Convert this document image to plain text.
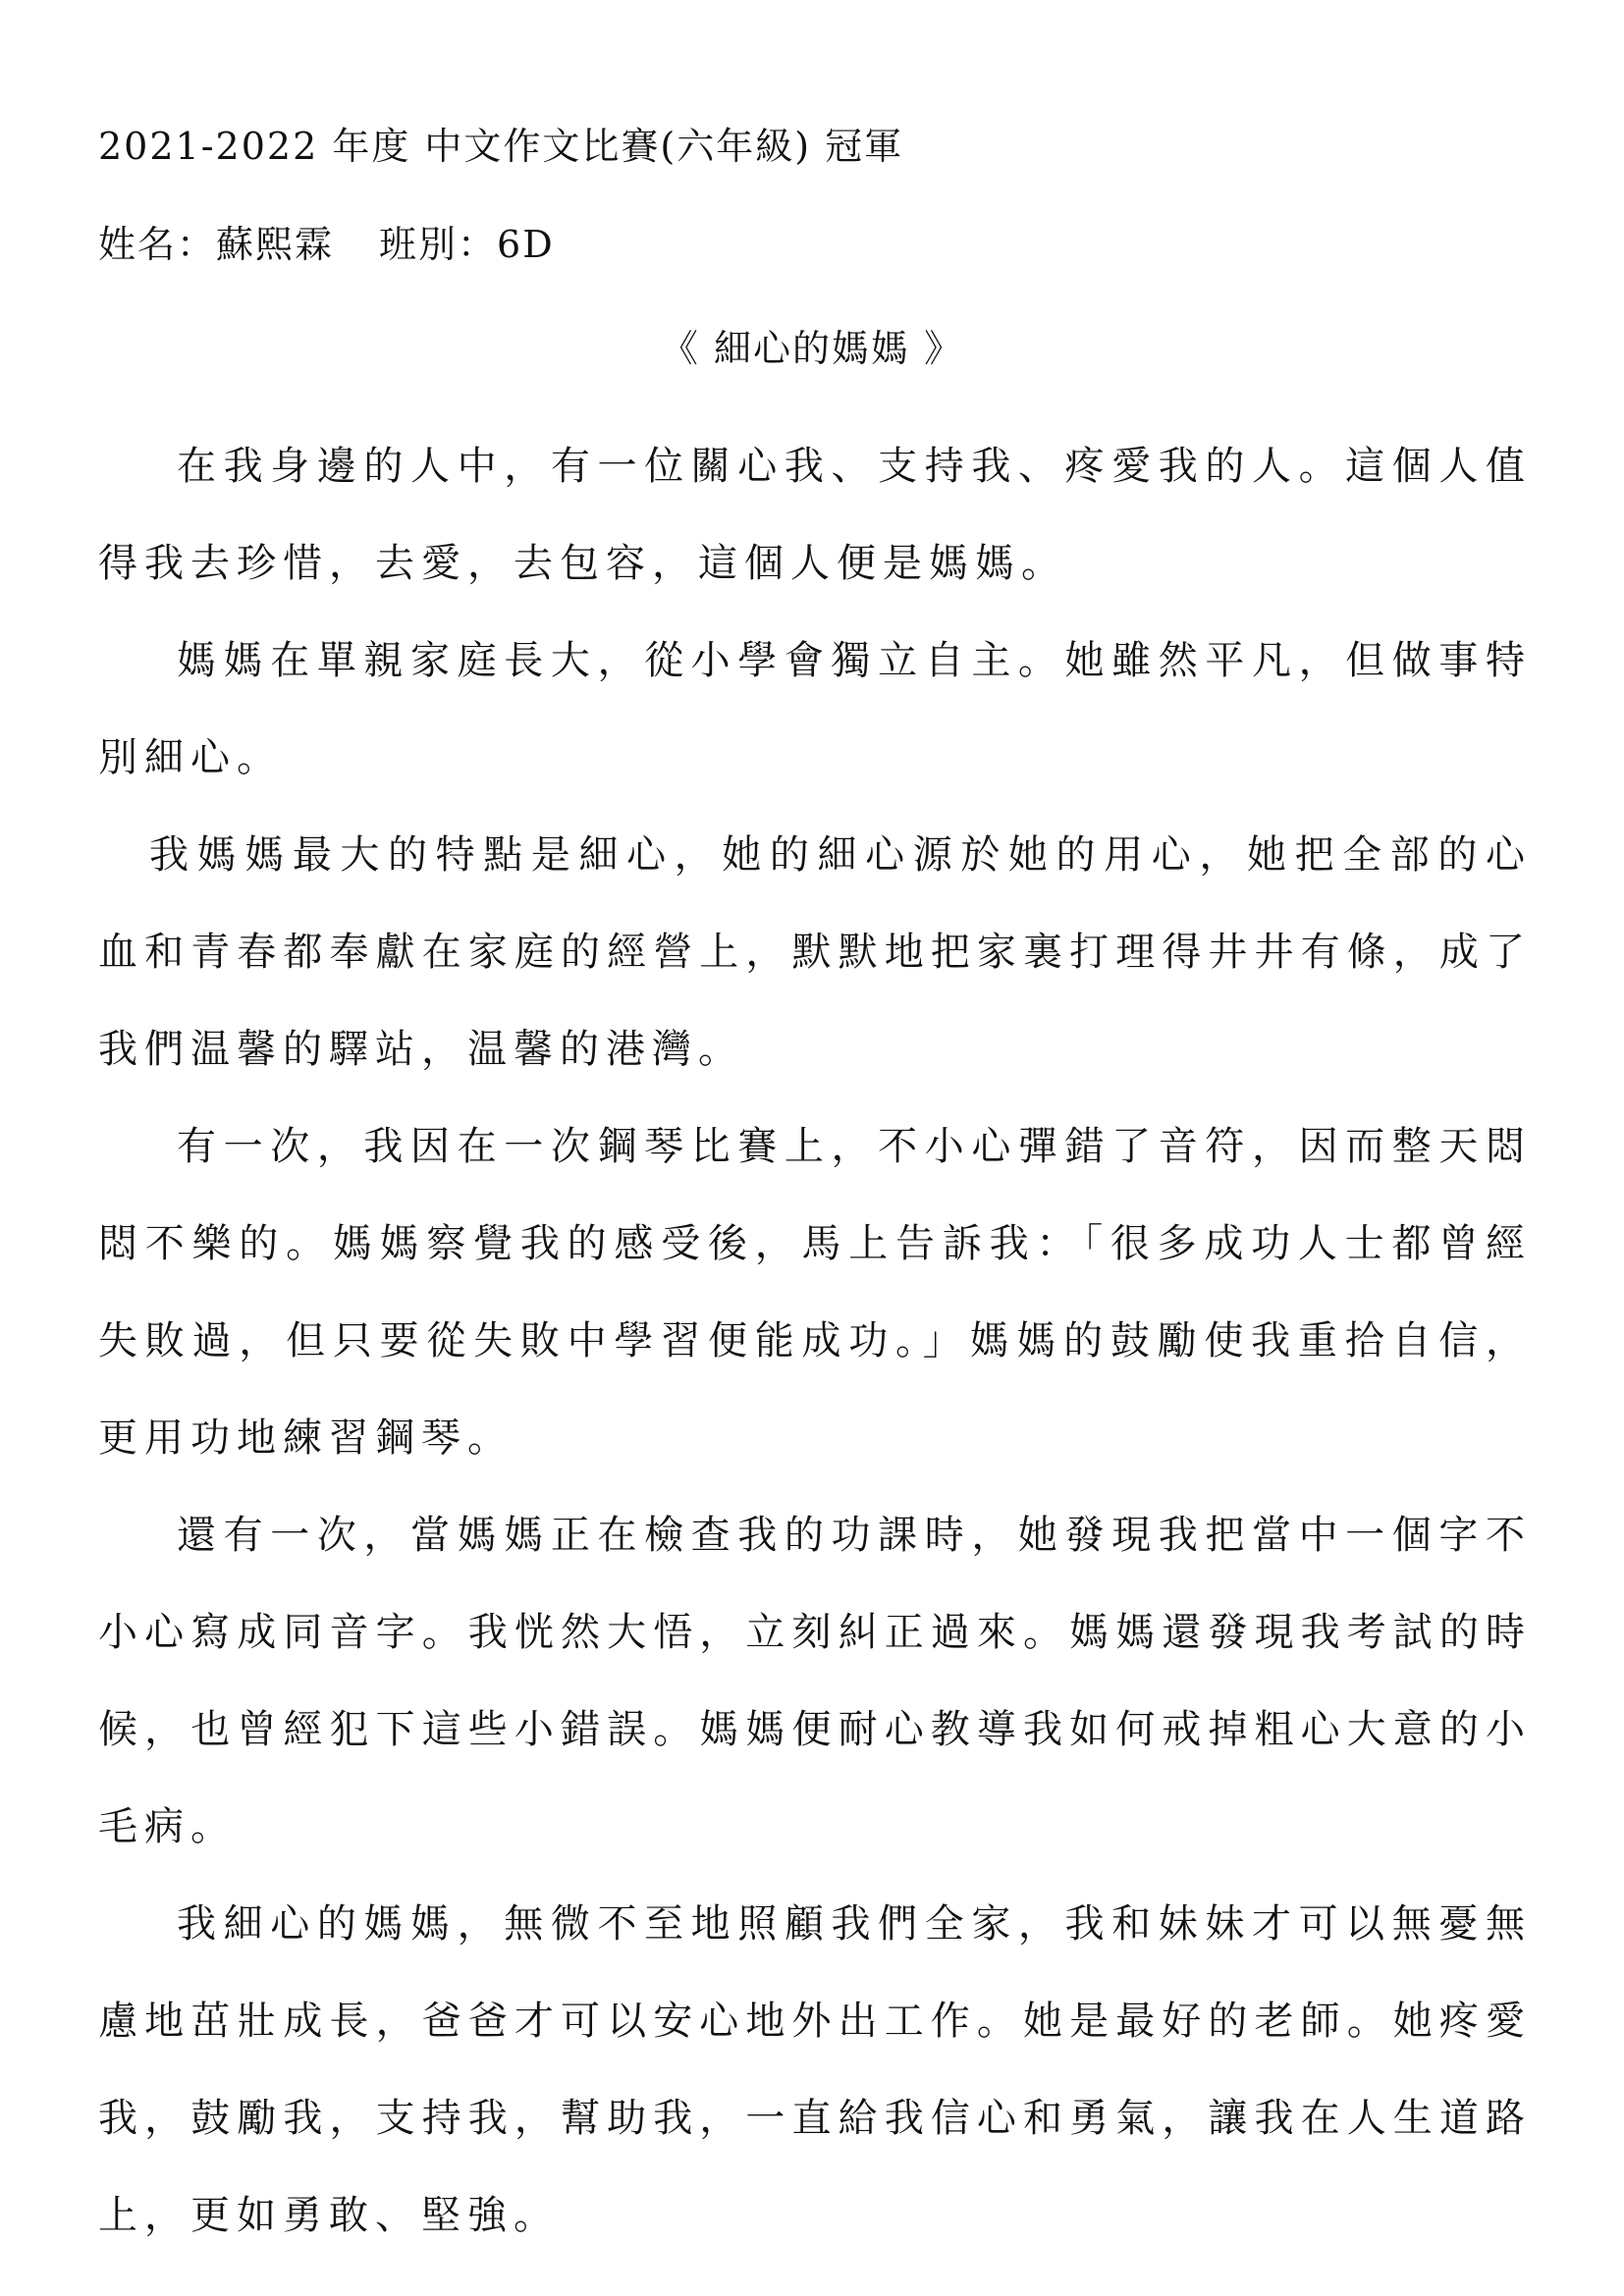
2021-2022 年度 中文作文比賽(六年級) 冠軍
姓名：蘇熙霖 班別：6D
《 細心的媽媽 》

在我身邊的人中，有一位關心我、支持我、疼愛我的人。這個人值得我去珍惜，去愛，去包容，這個人便是媽媽。

媽媽在單親家庭長大，從小學會獨立自主。她雖然平凡，但做事特別細心。

我媽媽最大的特點是細心，她的細心源於她的用心，她把全部的心血和青春都奉獻在家庭的經營上，默默地把家裏打理得井井有條，成了我們温馨的驛站，温馨的港灣。

有一次，我因在一次鋼琴比賽上，不小心彈錯了音符，因而整天悶悶不樂的。媽媽察覺我的感受後，馬上告訴我：「很多成功人士都曾經失敗過，但只要從失敗中學習便能成功。」媽媽的鼓勵使我重拾自信，更用功地練習鋼琴。

還有一次，當媽媽正在檢查我的功課時，她發現我把當中一個字不小心寫成同音字。我恍然大悟，立刻糾正過來。媽媽還發現我考試的時候，也曾經犯下這些小錯誤。媽媽便耐心教導我如何戒掉粗心大意的小毛病。

我細心的媽媽，無微不至地照顧我們全家，我和妹妹才可以無憂無慮地茁壯成長，爸爸才可以安心地外出工作。她是最好的老師。她疼愛我，鼓勵我，支持我，幫助我，一直給我信心和勇氣，讓我在人生道路上，更如勇敢、堅強。
